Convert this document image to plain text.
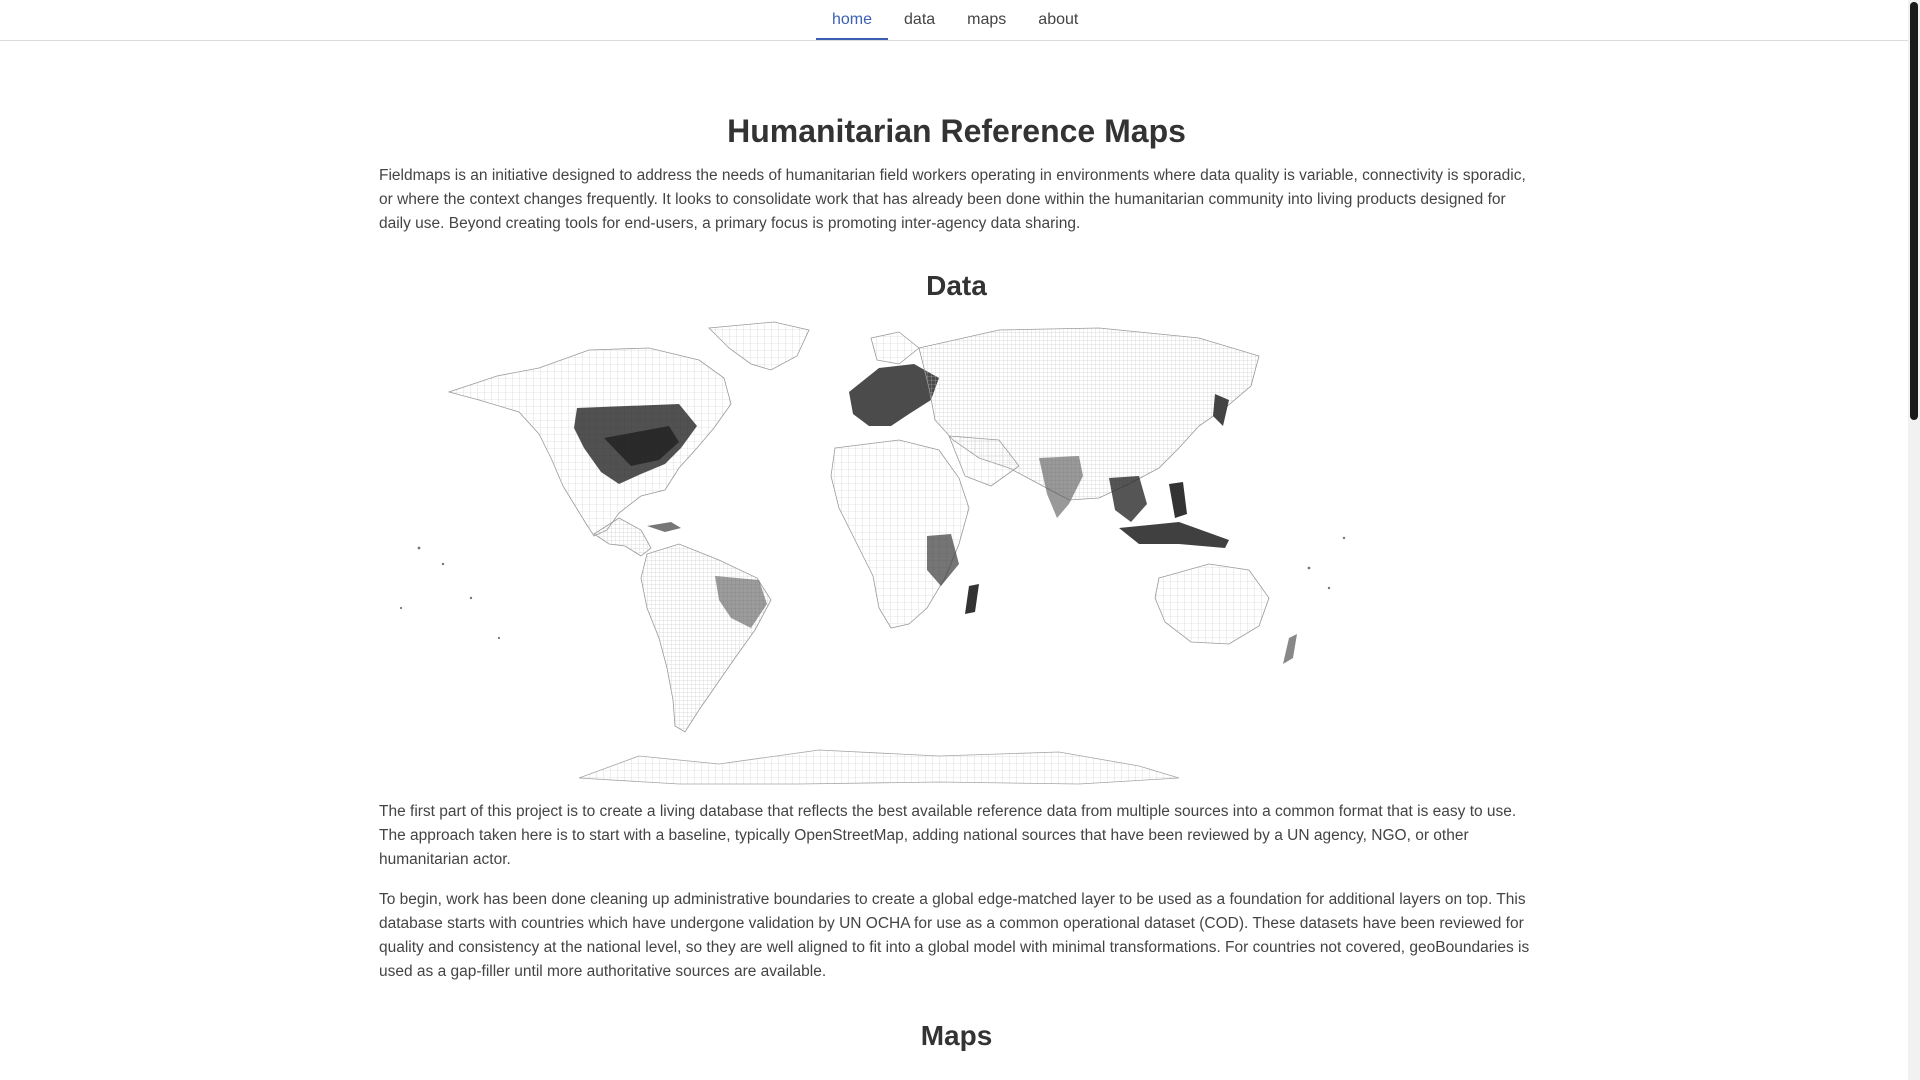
home	data	maps	about
Humanitarian Reference Maps

Fieldmaps is an initiative designed to address the needs of humanitarian field workers operating in environments where data quality is variable, connectivity is sporadic, or where the context changes frequently. It looks to consolidate work that has already been done within the humanitarian community into living products designed for daily use. Beyond creating tools for end-users, a primary focus is promoting inter-agency data sharing.

Data

The first part of this project is to create a living database that reflects the best available reference data from multiple sources into a common format that is easy to use. The approach taken here is to start with a baseline, typically OpenStreetMap, adding national sources that have been reviewed by a UN agency, NGO, or other humanitarian actor.

To begin, work has been done cleaning up administrative boundaries to create a global edge-matched layer to be used as a foundation for additional layers on top. This database starts with countries which have undergone validation by UN OCHA for use as a common operational dataset (COD). These datasets have been reviewed for quality and consistency at the national level, so they are well aligned to fit into a global model with minimal transformations. For countries not covered, geoBoundaries is used as a gap-filler until more authoritative sources are available.

Maps
